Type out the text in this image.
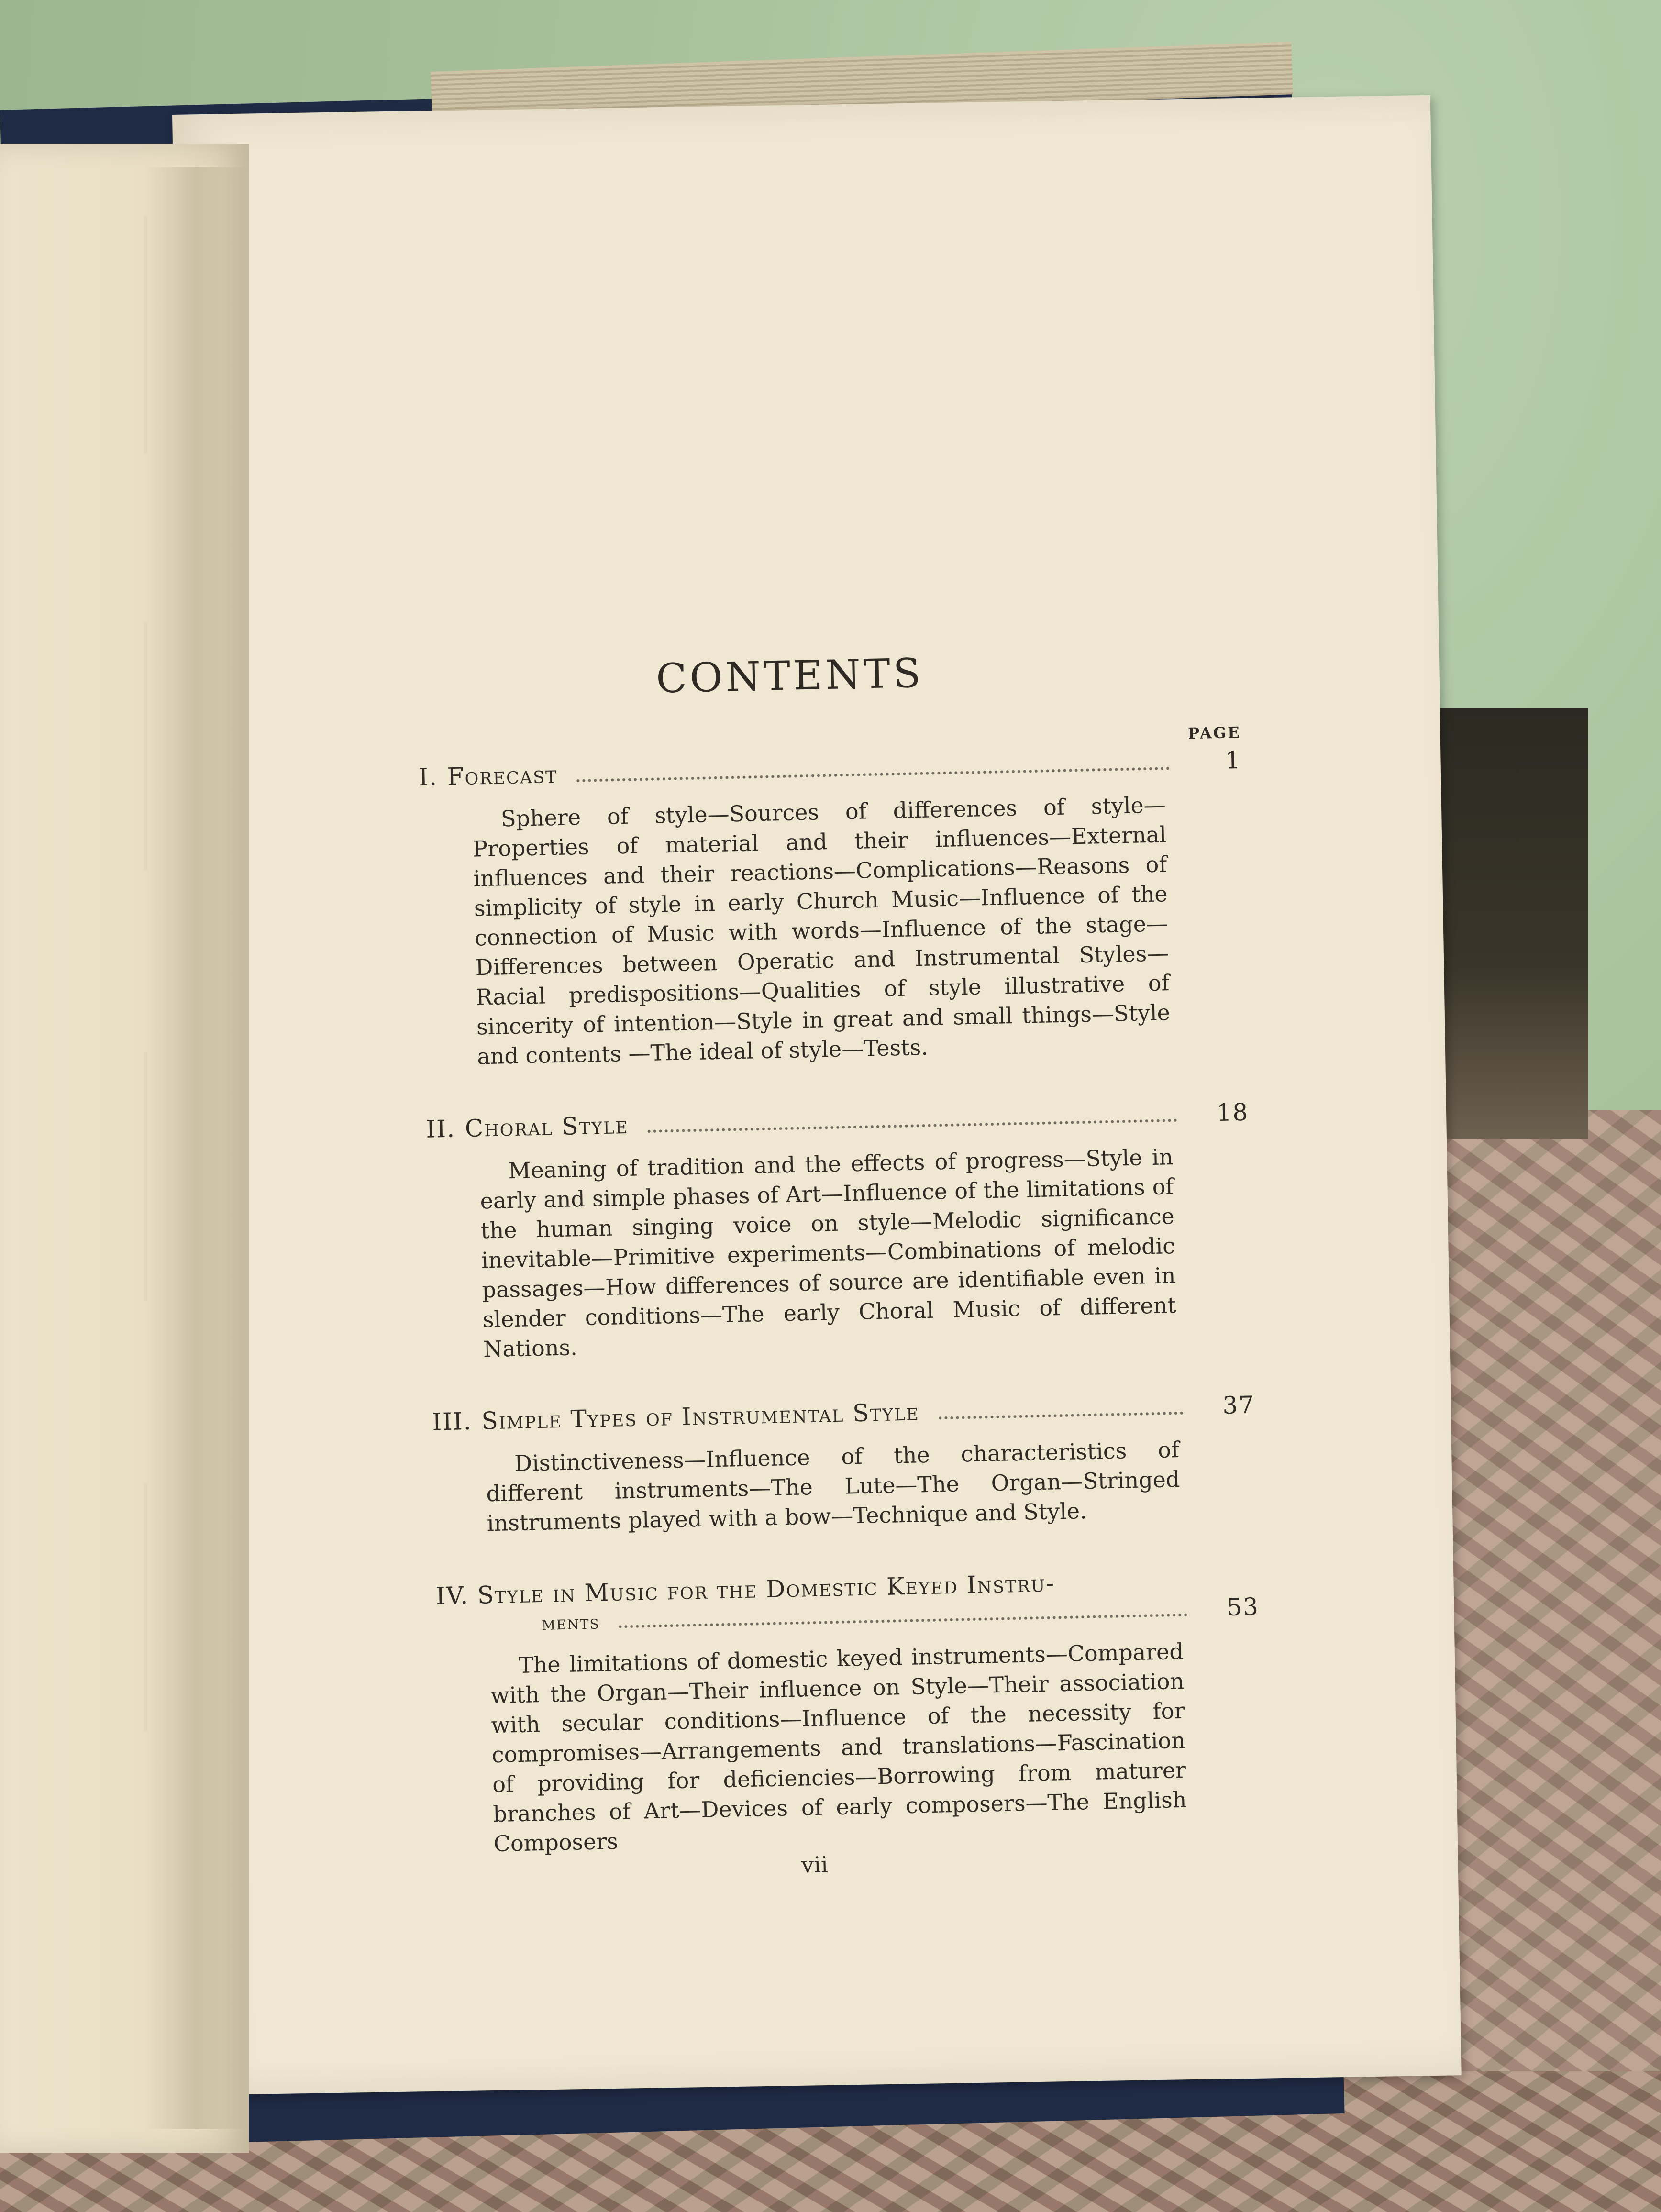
CONTENTS
PAGE
I. Forecast
1

Sphere of style—Sources of differences of style—Properties of material and their influences—External influences and their reactions—Complications—Reasons of simplicity of style in early Church Music—Influence of the connection of Music with words—Influence of the stage—Differences between Operatic and Instrumental Styles—Racial predispositions—Qualities of style illustrative of sincerity of intention—Style in great and small things—Style and contents —The ideal of style—Tests.

II. Choral Style	18

Meaning of tradition and the effects of progress—Style in early and simple phases of Art—Influence of the limitations of the human singing voice on style—Melodic significance inevitable—Primitive experiments—Combinations of melodic passages—How differences of source are identifiable even in slender conditions—The early Choral Music of different Nations.

III. Simple Types of Instrumental Style	37

Distinctiveness—Influence of the characteristics of different instruments—The Lute—The Organ—Stringed instruments played with a bow—Technique and Style.

IV. Style in Music for the Domestic Keyed Instru-
ments
53

The limitations of domestic keyed instruments—Compared with the Organ—Their influence on Style—Their association with secular conditions—Influence of the necessity for compromises—Arrangements and translations—Fascination of providing for deficiencies—Borrowing from maturer branches of Art—Devices of early composers—The English Composers

vii
